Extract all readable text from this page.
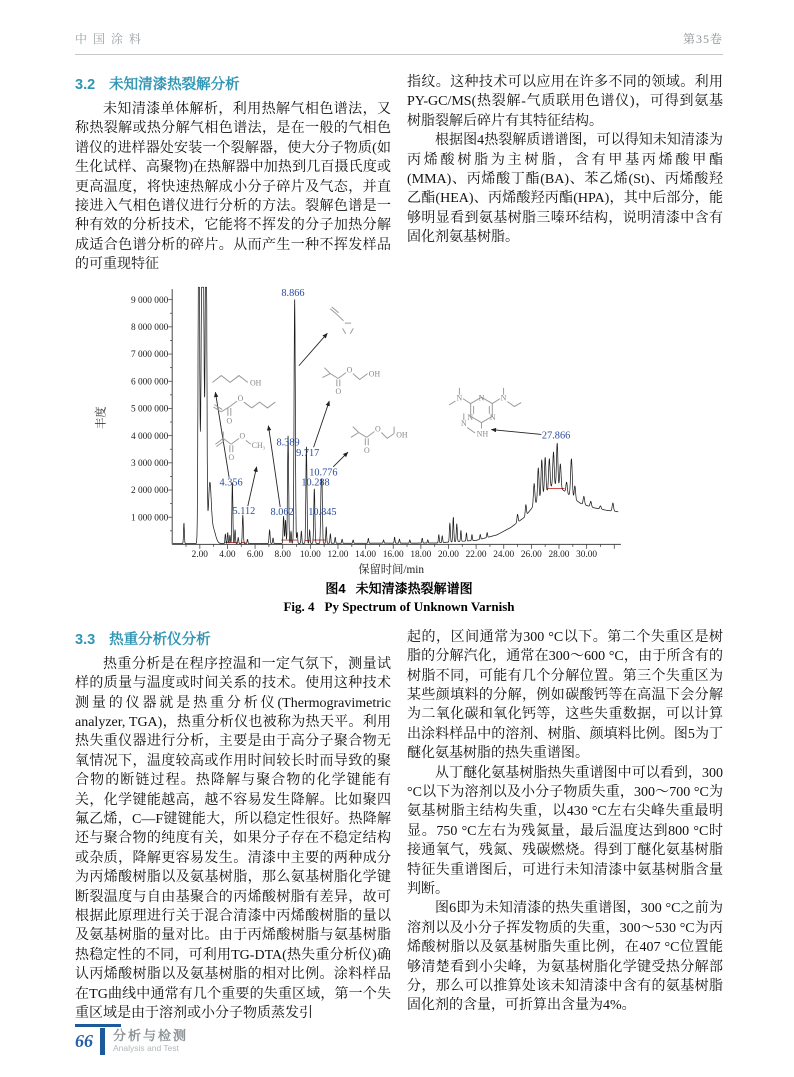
中国涂料	第35卷
3.2 未知清漆热裂解分析

未知清漆单体解析，利用热解气相色谱法，又称热裂解或热分解气相色谱法，是在一般的气相色谱仪的进样器处安装一个裂解器，使大分子物质(如生化试样、高聚物)在热解器中加热到几百摄氏度或更高温度，将快速热解成小分子碎片及气态，并直接进入气相色谱仪进行分析的方法。裂解色谱是一种有效的分析技术，它能将不挥发的分子加热分解成适合色谱分析的碎片。从而产生一种不挥发样品的可重现特征

指纹。这种技术可以应用在许多不同的领域。利用PY-GC/MS(热裂解-气质联用色谱仪)，可得到氨基树脂裂解后碎片有其特征结构。

根据图4热裂解质谱谱图，可以得知未知清漆为丙烯酸树脂为主树脂，含有甲基丙烯酸甲酯(MMA)、丙烯酸丁酯(BA)、苯乙烯(St)、丙烯酸羟乙酯(HEA)、丙烯酸羟丙酯(HPA)，其中后部分，能够明显看到氨基树脂三嗪环结构，说明清漆中含有固化剂氨基树脂。

2.00 4.00 6.00 8.00 10.00 12.00 14.00 16.00 18.00 20.00 22.00 24.00 26.00 28.00 30.00
1 000 000
2 000 000
3 000 000
4 000 000
5 000 000
6 000 000
7 000 000
8 000 000
9 000 000
丰度
保留时间/min
8.866
8.389
9.717
10.776
10.288
10.845
4.356
5.112 8.062
27.866
OH
O
O
O
O
CH₃
O
O OH
O
O
OH
N
N N
N	N
NH
N
图4 未知清漆热裂解谱图
Fig. 4 Py Spectrum of Unknown Varnish
3.3 热重分析仪分析

热重分析是在程序控温和一定气氛下，测量试样的质量与温度或时间关系的技术。使用这种技术测量的仪器就是热重分析仪(Thermogravimetric analyzer, TGA)，热重分析仪也被称为热天平。利用热失重仪器进行分析，主要是由于高分子聚合物无氧情况下，温度较高或作用时间较长时而导致的聚合物的断链过程。热降解与聚合物的化学键能有关，化学键能越高，越不容易发生降解。比如聚四氟乙烯，C—F键键能大，所以稳定性很好。热降解还与聚合物的纯度有关，如果分子存在不稳定结构或杂质，降解更容易发生。清漆中主要的两种成分为丙烯酸树脂以及氨基树脂，那么氨基树脂化学键断裂温度与自由基聚合的丙烯酸树脂有差异，故可根据此原理进行关于混合清漆中丙烯酸树脂的量以及氨基树脂的量对比。由于丙烯酸树脂与氨基树脂热稳定性的不同，可利用TG-DTA(热失重分析仪)确认丙烯酸树脂以及氨基树脂的相对比例。涂料样品在TG曲线中通常有几个重要的失重区域，第一个失重区域是由于溶剂或小分子物质蒸发引

起的，区间通常为300 °C以下。第二个失重区是树脂的分解汽化，通常在300～600 °C，由于所含有的树脂不同，可能有几个分解位置。第三个失重区为某些颜填料的分解，例如碳酸钙等在高温下会分解为二氧化碳和氧化钙等，这些失重数据，可以计算出涂料样品中的溶剂、树脂、颜填料比例。图5为丁醚化氨基树脂的热失重谱图。

从丁醚化氨基树脂热失重谱图中可以看到，300 °C以下为溶剂以及小分子物质失重，300～700 °C为氨基树脂主结构失重，以430 °C左右尖峰失重最明显。750 °C左右为残氮量，最后温度达到800 °C时接通氧气，残氮、残碳燃烧。得到丁醚化氨基树脂特征失重谱图后，可进行未知清漆中氨基树脂含量判断。

图6即为未知清漆的热失重谱图，300 °C之前为溶剂以及小分子挥发物质的失重，300～530 °C为丙烯酸树脂以及氨基树脂失重比例，在407 °C位置能够清楚看到小尖峰，为氨基树脂化学键受热分解部分，那么可以推算处该未知清漆中含有的氨基树脂固化剂的含量，可折算出含量为4%。

66 分析与检测
Analysis and Test
